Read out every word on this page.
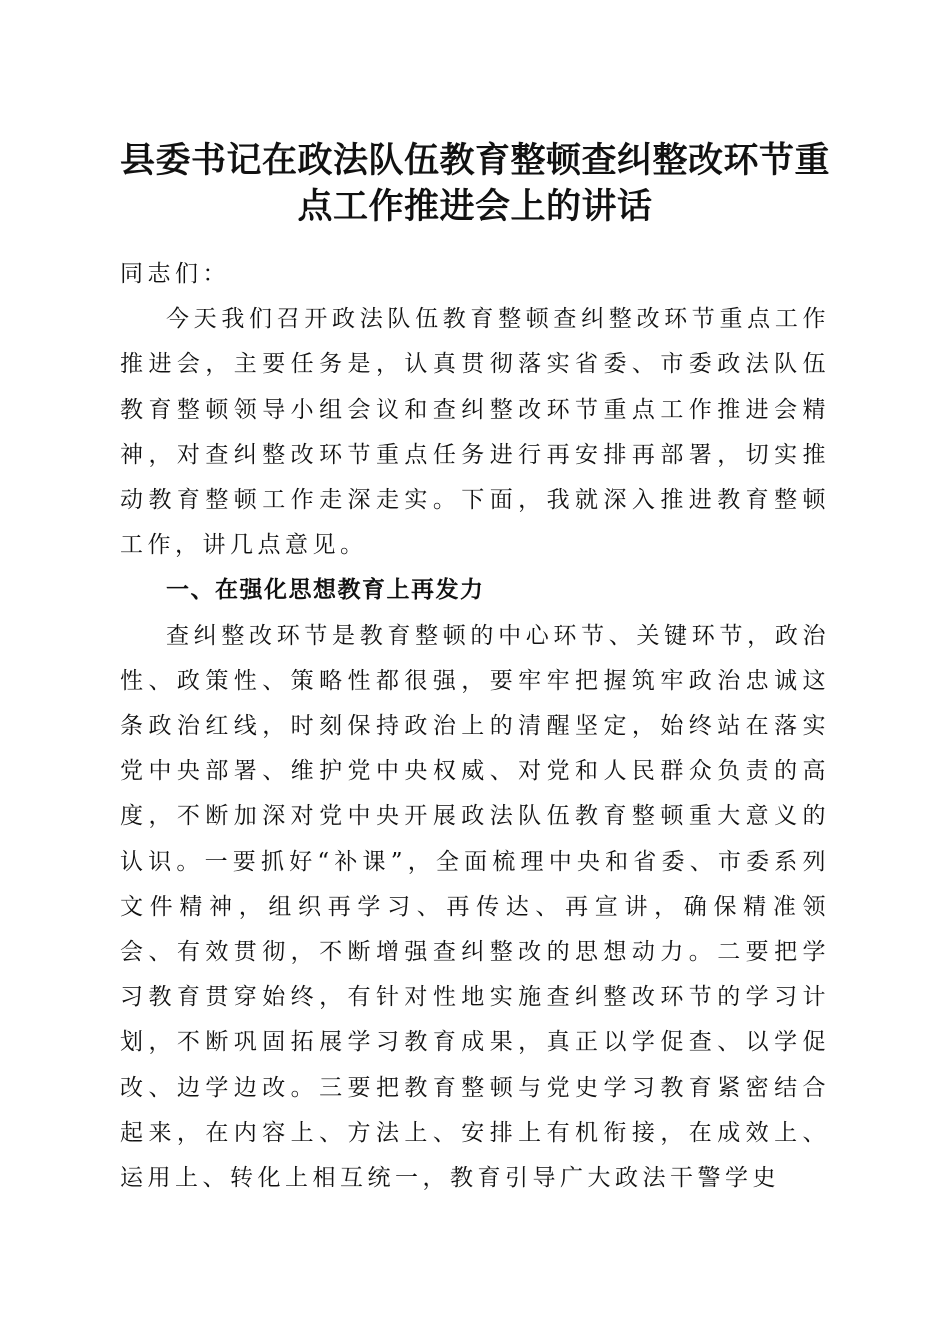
县委书记在政法队伍教育整顿查纠整改环节重点工作推进会上的讲话

同志们：

今天我们召开政法队伍教育整顿查纠整改环节重点工作推进会，主要任务是，认真贯彻落实省委、市委政法队伍教育整顿领导小组会议和查纠整改环节重点工作推进会精神，对查纠整改环节重点任务进行再安排再部署，切实推动教育整顿工作走深走实。下面，我就深入推进教育整顿工作，讲几点意见。

一、在强化思想教育上再发力

查纠整改环节是教育整顿的中心环节、关键环节，政治性、政策性、策略性都很强，要牢牢把握筑牢政治忠诚这条政治红线，时刻保持政治上的清醒坚定，始终站在落实党中央部署、维护党中央权威、对党和人民群众负责的高度，不断加深对党中央开展政法队伍教育整顿重大意义的认识。一要抓好“补课”，全面梳理中央和省委、市委系列文件精神，组织再学习、再传达、再宣讲，确保精准领会、有效贯彻，不断增强查纠整改的思想动力。二要把学习教育贯穿始终，有针对性地实施查纠整改环节的学习计划，不断巩固拓展学习教育成果，真正以学促查、以学促改、边学边改。三要把教育整顿与党史学习教育紧密结合起来，在内容上、方法上、安排上有机衔接，在成效上、运用上、转化上相互统一，教育引导广大政法干警学史
